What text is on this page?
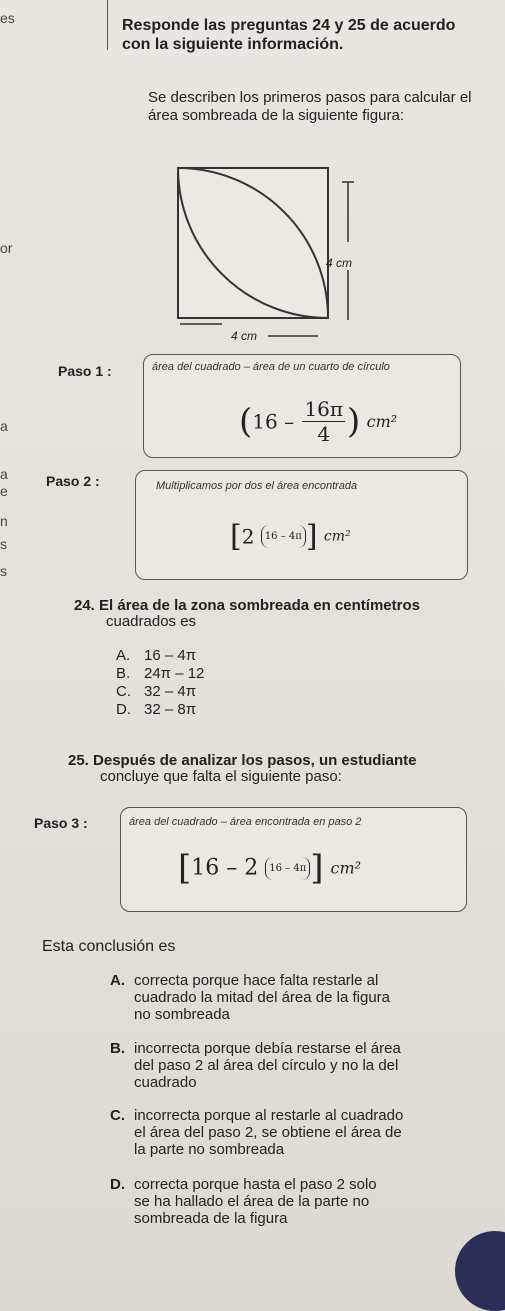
es
or
a
a
e
n
s
s
Responde las preguntas 24 y 25 de acuerdo
con la siguiente información.
Se describen los primeros pasos para calcular el
área sombreada de la siguiente figura:
4 cm
4 cm
Paso 1 :	área del cuadrado – área de un cuarto de círculo
($16 - \frac{16\pi}{4}$ ) cm²
Paso 2 :	Multiplicamos por dos el área encontrada
[2 16 – 4π ] cm²
24. El área de la zona sombreada en centímetros
cuadrados es
A. 16 – 4π
B. 24π – 12
C. 32 – 4π
D. 32 – 8π
25. Después de analizar los pasos, un estudiante
concluye que falta el siguiente paso:
Paso 3 :	área del cuadrado – área encontrada en paso 2
[16 – 2 16 – 4π ] cm²
Esta conclusión es
A. correcta porque hace falta restarle al
cuadrado la mitad del área de la figura
no sombreada
B. incorrecta porque debía restarse el área
del paso 2 al área del círculo y no la del
cuadrado
C. incorrecta porque al restarle al cuadrado
el área del paso 2, se obtiene el área de
la parte no sombreada
D. correcta porque hasta el paso 2 solo
se ha hallado el área de la parte no
sombreada de la figura
